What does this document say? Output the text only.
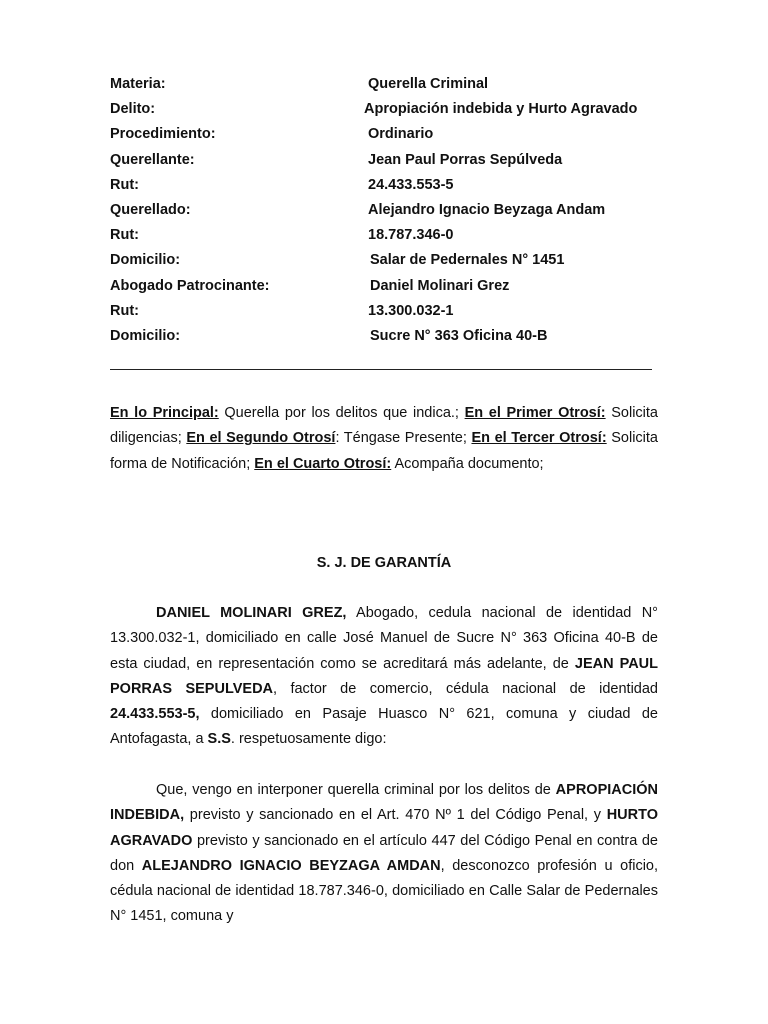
Materia:	Querella Criminal
Delito:	Apropiación indebida y Hurto Agravado
Procedimiento:	Ordinario
Querellante:	Jean Paul Porras Sepúlveda
Rut:	24.433.553-5
Querellado:	Alejandro Ignacio Beyzaga Andam
Rut:	18.787.346-0
Domicilio:	Salar de Pedernales N° 1451
Abogado Patrocinante:	Daniel Molinari Grez
Rut:	13.300.032-1
Domicilio:	Sucre N° 363 Oficina 40-B

En lo Principal: Querella por los delitos que indica.; En el Primer Otrosí: Solicita diligencias; En el Segundo Otrosí: Téngase Presente; En el Tercer Otrosí: Solicita forma de Notificación; En el Cuarto Otrosí: Acompaña documento;

S. J. DE GARANTÍA

DANIEL MOLINARI GREZ, Abogado, cedula nacional de identidad N° 13.300.032-1, domiciliado en calle José Manuel de Sucre N° 363 Oficina 40-B de esta ciudad, en representación como se acreditará más adelante, de JEAN PAUL PORRAS SEPULVEDA, factor de comercio, cédula nacional de identidad 24.433.553-5, domiciliado en Pasaje Huasco N° 621, comuna y ciudad de Antofagasta, a S.S. respetuosamente digo:

Que, vengo en interponer querella criminal por los delitos de APROPIACIÓN INDEBIDA, previsto y sancionado en el Art. 470 Nº 1 del Código Penal, y HURTO AGRAVADO previsto y sancionado en el artículo 447 del Código Penal en contra de don ALEJANDRO IGNACIO BEYZAGA AMDAN, desconozco profesión u oficio, cédula nacional de identidad 18.787.346-0, domiciliado en Calle Salar de Pedernales N° 1451, comuna y
